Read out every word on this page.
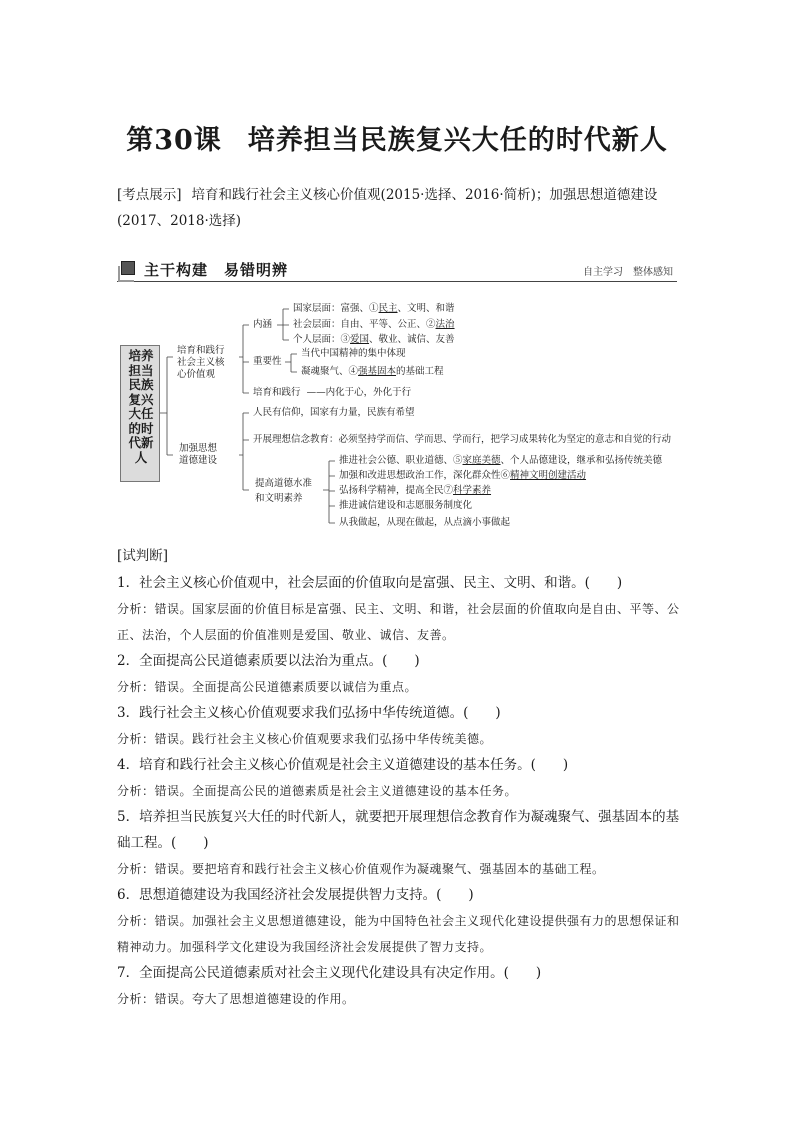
第30课 培养担当民族复兴大任的时代新人
[考点展示] 培育和践行社会主义核心价值观(2015·选择、2016·简析)；加强思想道德建设(2017、2018·选择)
主干构建　易错明辨	自主学习　整体感知
培养担当民族复兴大任的时代新人
培育和践行
社会主义核
心价值观
内涵
国家层面：富强、①民主、文明、和谐
社会层面：自由、平等、公正、②法治
个人层面：③爱国、敬业、诚信、友善
重要性
当代中国精神的集中体现
凝魂聚气、④强基固本的基础工程
培育和践行 ——内化于心，外化于行
加强思想
道德建设
人民有信仰，国家有力量，民族有希望
开展理想信念教育：必须坚持学而信、学而思、学而行，把学习成果转化为坚定的意志和自觉的行动
提高道德水准
和文明素养
推进社会公德、职业道德、⑤家庭美德、个人品德建设，继承和弘扬传统美德
加强和改进思想政治工作，深化群众性⑥精神文明创建活动
弘扬科学精神，提高全民⑦科学素养
推进诚信建设和志愿服务制度化
从我做起，从现在做起，从点滴小事做起
[试判断]
1．社会主义核心价值观中，社会层面的价值取向是富强、民主、文明、和谐。(　　)
分析：错误。国家层面的价值目标是富强、民主、文明、和谐，社会层面的价值取向是自由、平等、公正、法治，个人层面的价值准则是爱国、敬业、诚信、友善。
2．全面提高公民道德素质要以法治为重点。(　　)
分析：错误。全面提高公民道德素质要以诚信为重点。
3．践行社会主义核心价值观要求我们弘扬中华传统道德。(　　)
分析：错误。践行社会主义核心价值观要求我们弘扬中华传统美德。
4．培育和践行社会主义核心价值观是社会主义道德建设的基本任务。(　　)
分析：错误。全面提高公民的道德素质是社会主义道德建设的基本任务。
5．培养担当民族复兴大任的时代新人，就要把开展理想信念教育作为凝魂聚气、强基固本的基础工程。(　　)
分析：错误。要把培育和践行社会主义核心价值观作为凝魂聚气、强基固本的基础工程。
6．思想道德建设为我国经济社会发展提供智力支持。(　　)
分析：错误。加强社会主义思想道德建设，能为中国特色社会主义现代化建设提供强有力的思想保证和精神动力。加强科学文化建设为我国经济社会发展提供了智力支持。
7．全面提高公民道德素质对社会主义现代化建设具有决定作用。(　　)
分析：错误。夸大了思想道德建设的作用。
